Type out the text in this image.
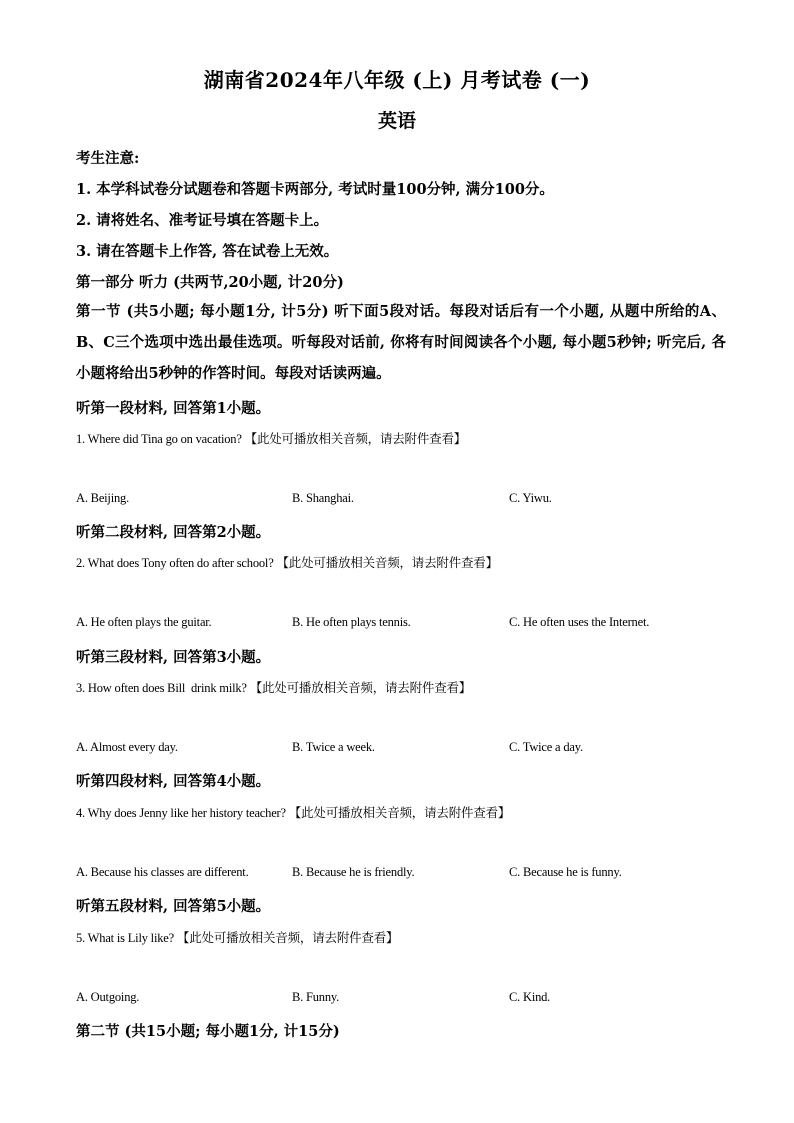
湖南省2024年八年级 (上) 月考试卷 (一)
英语
考生注意:
1. 本学科试卷分试题卷和答题卡两部分, 考试时量100分钟, 满分100分。
2. 请将姓名、准考证号填在答题卡上。
3. 请在答题卡上作答, 答在试卷上无效。
第一部分 听力 (共两节,20小题, 计20分)
第一节 (共5小题; 每小题1分, 计5分) 听下面5段对话。每段对话后有一个小题, 从题中所给的A、B、C三个选项中选出最佳选项。听每段对话前, 你将有时间阅读各个小题, 每小题5秒钟; 听完后, 各小题将给出5秒钟的作答时间。每段对话读两遍。
听第一段材料, 回答第1小题。
1. Where did Tina go on vacation? 【此处可播放相关音频，请去附件查看】
A. Beijing.	B. Shanghai.	C. Yiwu.
听第二段材料, 回答第2小题。
2. What does Tony often do after school? 【此处可播放相关音频，请去附件查看】
A. He often plays the guitar.	B. He often plays tennis.	C. He often uses the Internet.
听第三段材料, 回答第3小题。
3. How often does Bill  drink milk? 【此处可播放相关音频，请去附件查看】
A. Almost every day.	B. Twice a week.	C. Twice a day.
听第四段材料, 回答第4小题。
4. Why does Jenny like her history teacher? 【此处可播放相关音频，请去附件查看】
A. Because his classes are different.	B. Because he is friendly.	C. Because he is funny.
听第五段材料, 回答第5小题。
5. What is Lily like? 【此处可播放相关音频，请去附件查看】
A. Outgoing.	B. Funny.	C. Kind.
第二节 (共15小题; 每小题1分, 计15分)
